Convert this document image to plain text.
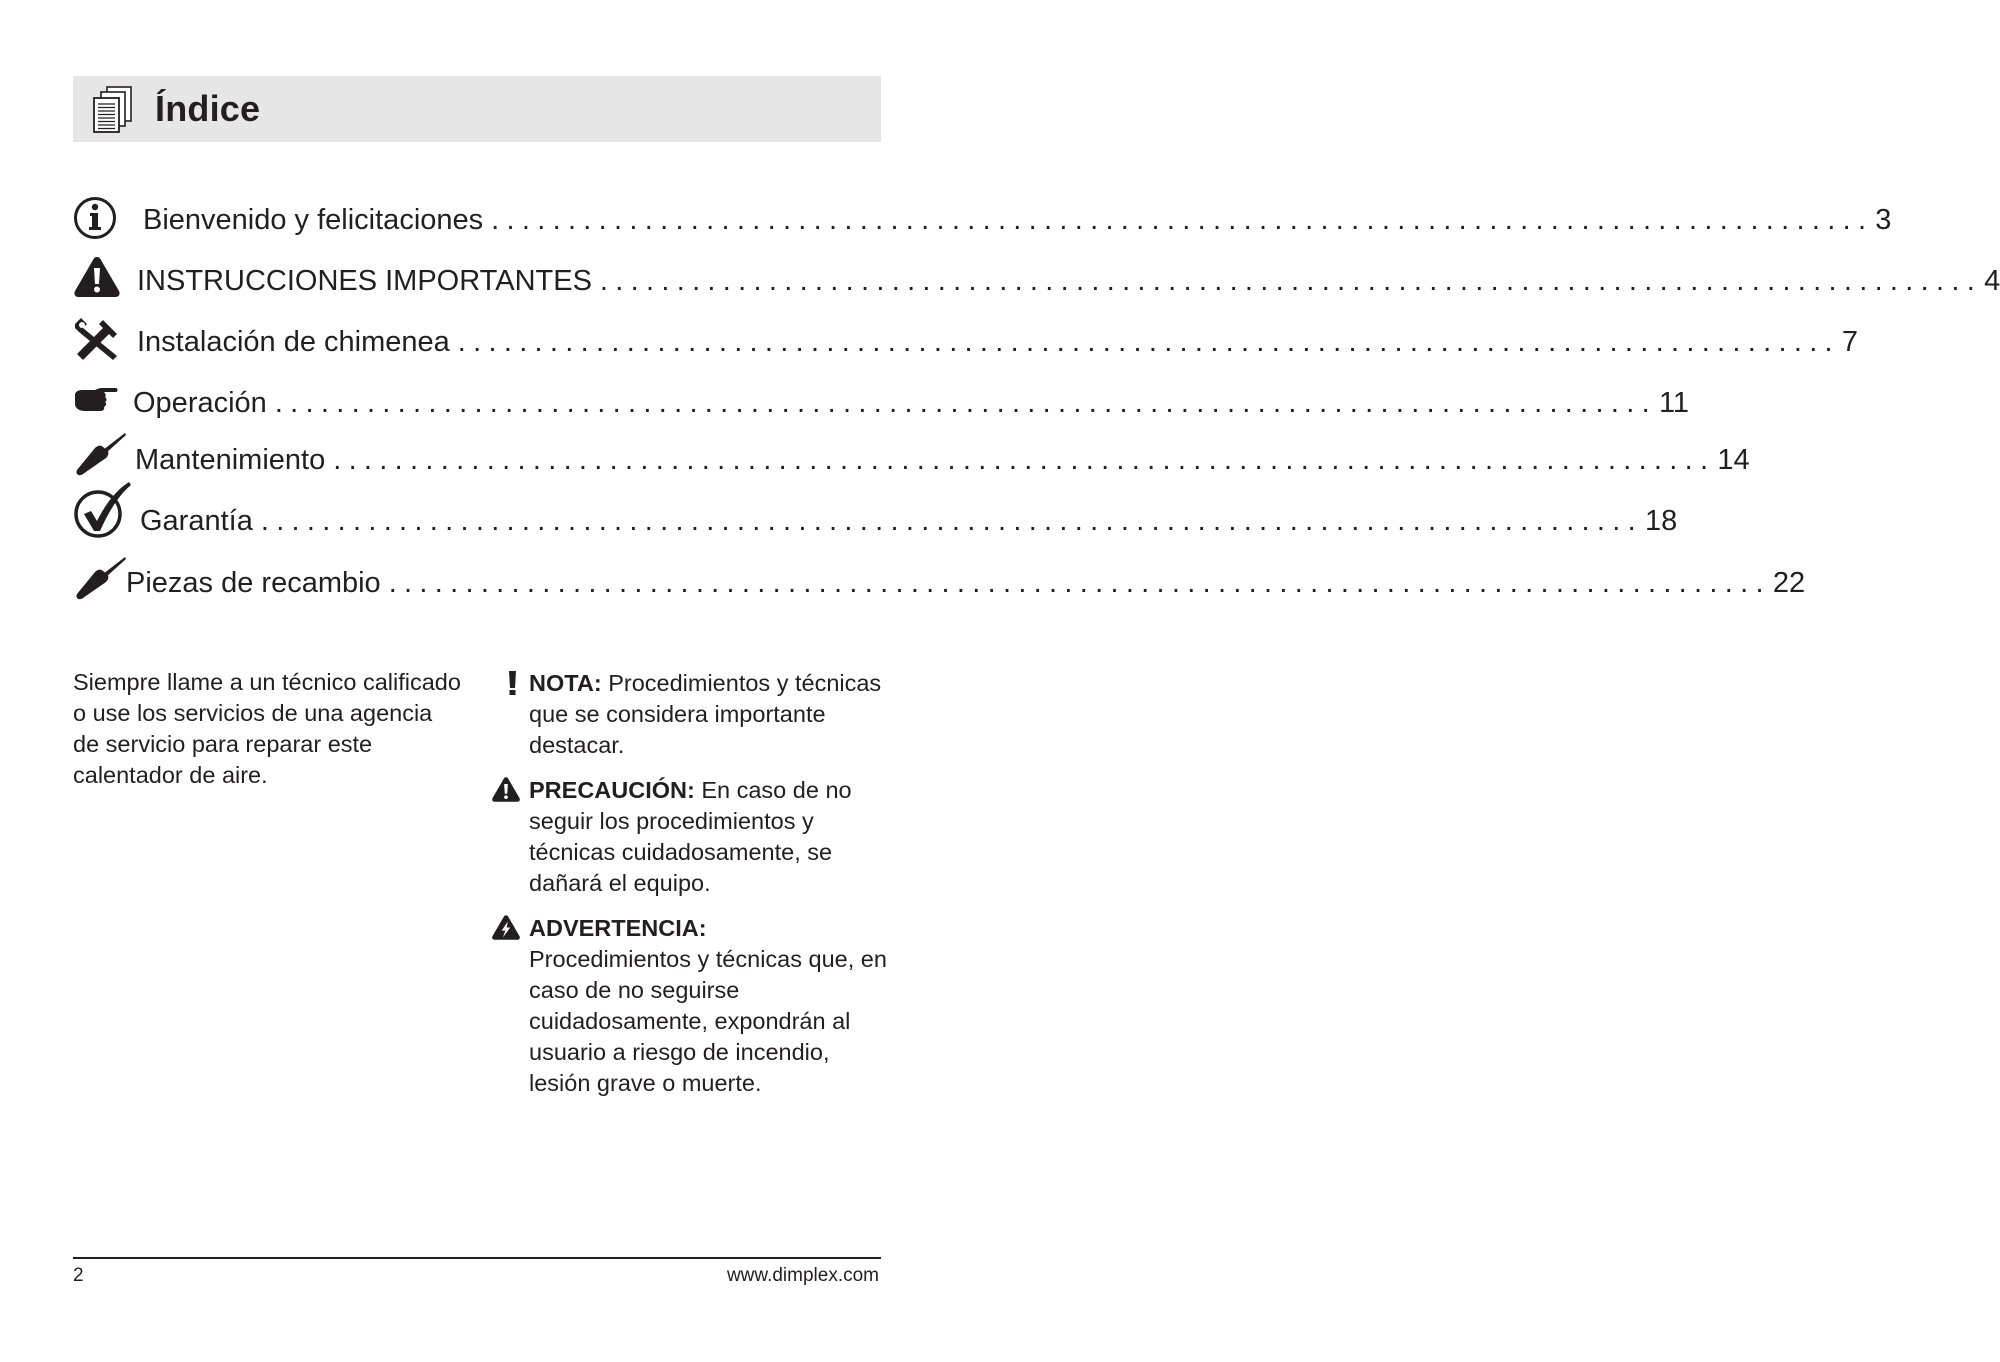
Índice
Bienvenido y felicitaciones .......................................................................................... 3
INSTRUCCIONES IMPORTANTES .......................................................................................... 4
Instalación de chimenea .......................................................................................... 7
Operación .......................................................................................... 11
Mantenimiento .......................................................................................... 14
Garantía .......................................................................................... 18
Piezas de recambio .......................................................................................... 22
Siempre llame a un técnico calificado o use los servicios de una agencia de servicio para reparar este calentador de aire.
NOTA: Procedimientos y técnicas que se considera importante destacar.
PRECAUCIÓN: En caso de no seguir los procedimientos y técnicas cuidadosamente, se dañará el equipo.
ADVERTENCIA:
Procedimientos y técnicas que, en caso de no seguirse cuidadosamente, expondrán al usuario a riesgo de incendio, lesión grave o muerte.
2	www.dimplex.com
